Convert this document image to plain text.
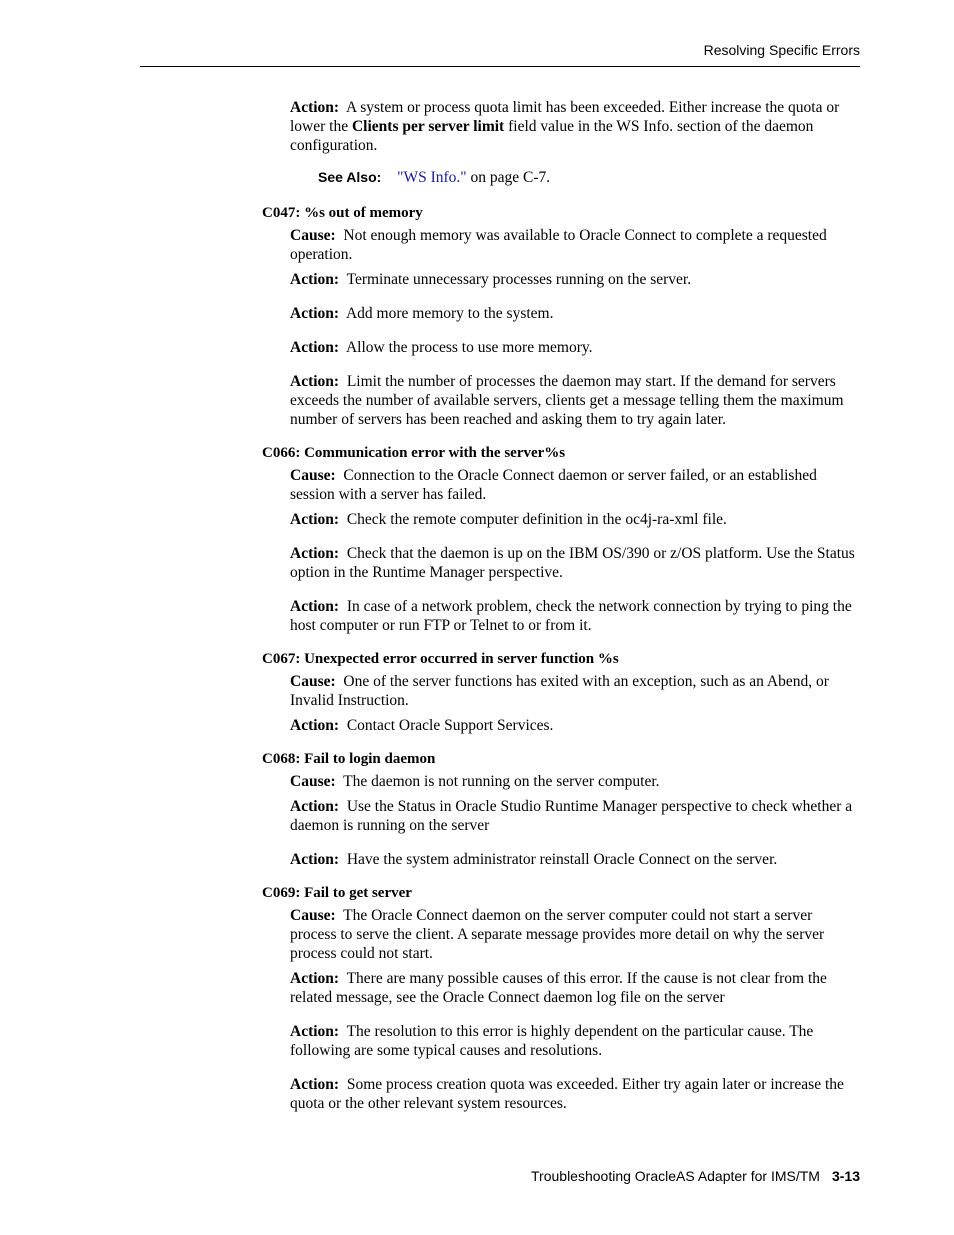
Resolving Specific Errors

Action: A system or process quota limit has been exceeded. Either increase the quota or lower the Clients per server limit field value in the WS Info. section of the daemon configuration.

See Also: "WS Info." on page C-7.

C047: %s out of memory

Cause: Not enough memory was available to Oracle Connect to complete a requested operation.

Action: Terminate unnecessary processes running on the server.

Action: Add more memory to the system.

Action: Allow the process to use more memory.

Action: Limit the number of processes the daemon may start. If the demand for servers exceeds the number of available servers, clients get a message telling them the maximum number of servers has been reached and asking them to try again later.

C066: Communication error with the server%s

Cause: Connection to the Oracle Connect daemon or server failed, or an established session with a server has failed.

Action: Check the remote computer definition in the oc4j-ra-xml file.

Action: Check that the daemon is up on the IBM OS/390 or z/OS platform. Use the Status option in the Runtime Manager perspective.

Action: In case of a network problem, check the network connection by trying to ping the host computer or run FTP or Telnet to or from it.

C067: Unexpected error occurred in server function %s

Cause: One of the server functions has exited with an exception, such as an Abend, or Invalid Instruction.

Action: Contact Oracle Support Services.

C068: Fail to login daemon

Cause: The daemon is not running on the server computer.

Action: Use the Status in Oracle Studio Runtime Manager perspective to check whether a daemon is running on the server

Action: Have the system administrator reinstall Oracle Connect on the server.

C069: Fail to get server

Cause: The Oracle Connect daemon on the server computer could not start a server process to serve the client. A separate message provides more detail on why the server process could not start.

Action: There are many possible causes of this error. If the cause is not clear from the related message, see the Oracle Connect daemon log file on the server

Action: The resolution to this error is highly dependent on the particular cause. The following are some typical causes and resolutions.

Action: Some process creation quota was exceeded. Either try again later or increase the quota or the other relevant system resources.

Troubleshooting OracleAS Adapter for IMS/TM 3-13
